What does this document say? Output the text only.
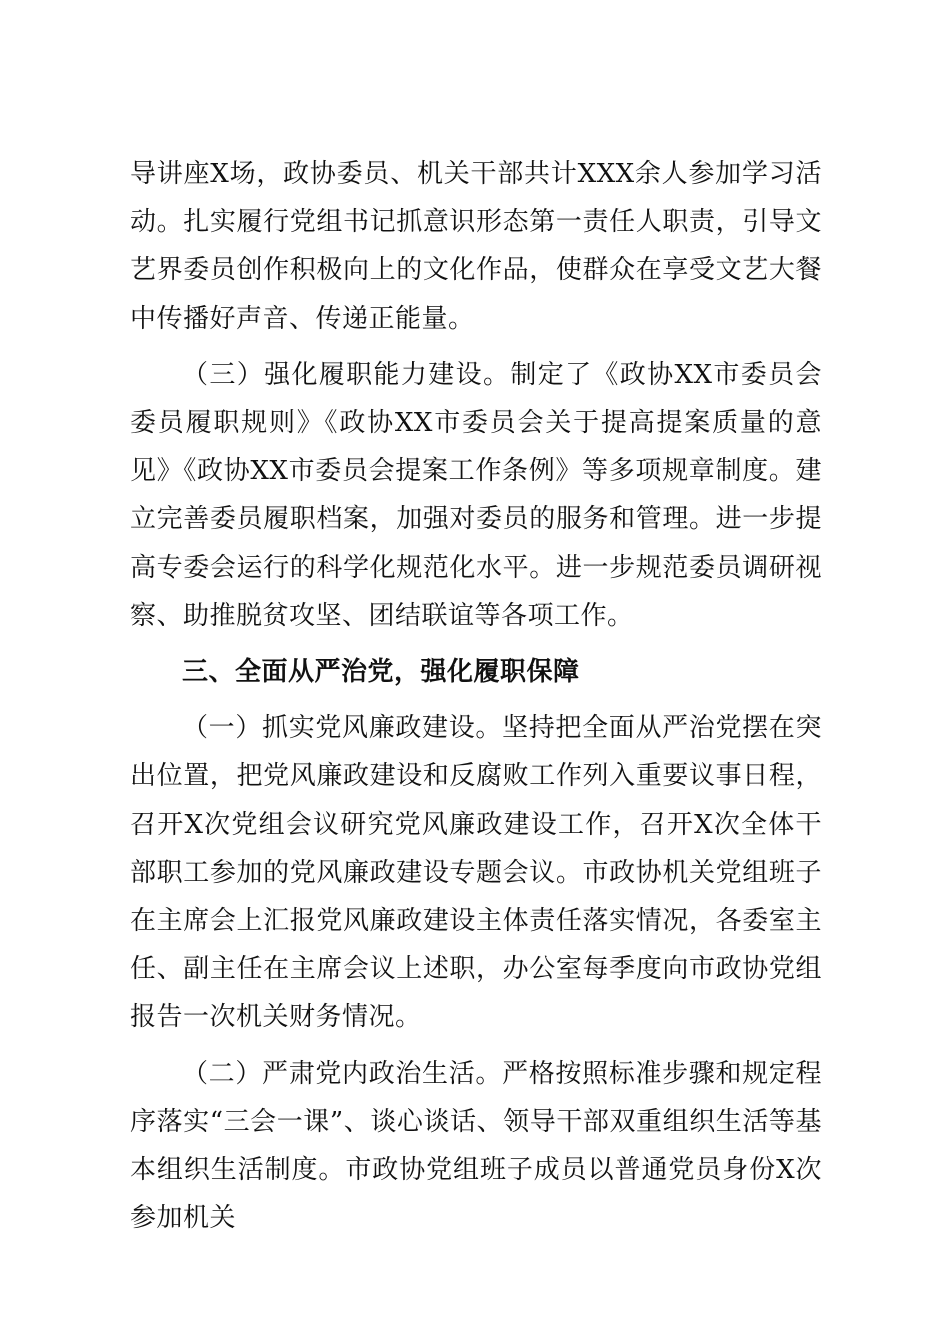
导讲座X场，政协委员、机关干部共计XXX余人参加学习活动。扎实履行党组书记抓意识形态第一责任人职责，引导文艺界委员创作积极向上的文化作品，使群众在享受文艺大餐中传播好声音、传递正能量。

（三）强化履职能力建设。制定了《政协XX市委员会委员履职规则》《政协XX市委员会关于提高提案质量的意见》《政协XX市委员会提案工作条例》等多项规章制度。建立完善委员履职档案，加强对委员的服务和管理。进一步提高专委会运行的科学化规范化水平。进一步规范委员调研视察、助推脱贫攻坚、团结联谊等各项工作。

三、全面从严治党，强化履职保障

（一）抓实党风廉政建设。坚持把全面从严治党摆在突出位置，把党风廉政建设和反腐败工作列入重要议事日程，召开X次党组会议研究党风廉政建设工作，召开X次全体干部职工参加的党风廉政建设专题会议。市政协机关党组班子在主席会上汇报党风廉政建设主体责任落实情况，各委室主任、副主任在主席会议上述职，办公室每季度向市政协党组报告一次机关财务情况。

（二）严肃党内政治生活。严格按照标准步骤和规定程序落实“三会一课”、谈心谈话、领导干部双重组织生活等基本组织生活制度。市政协党组班子成员以普通党员身份X次参加机关
